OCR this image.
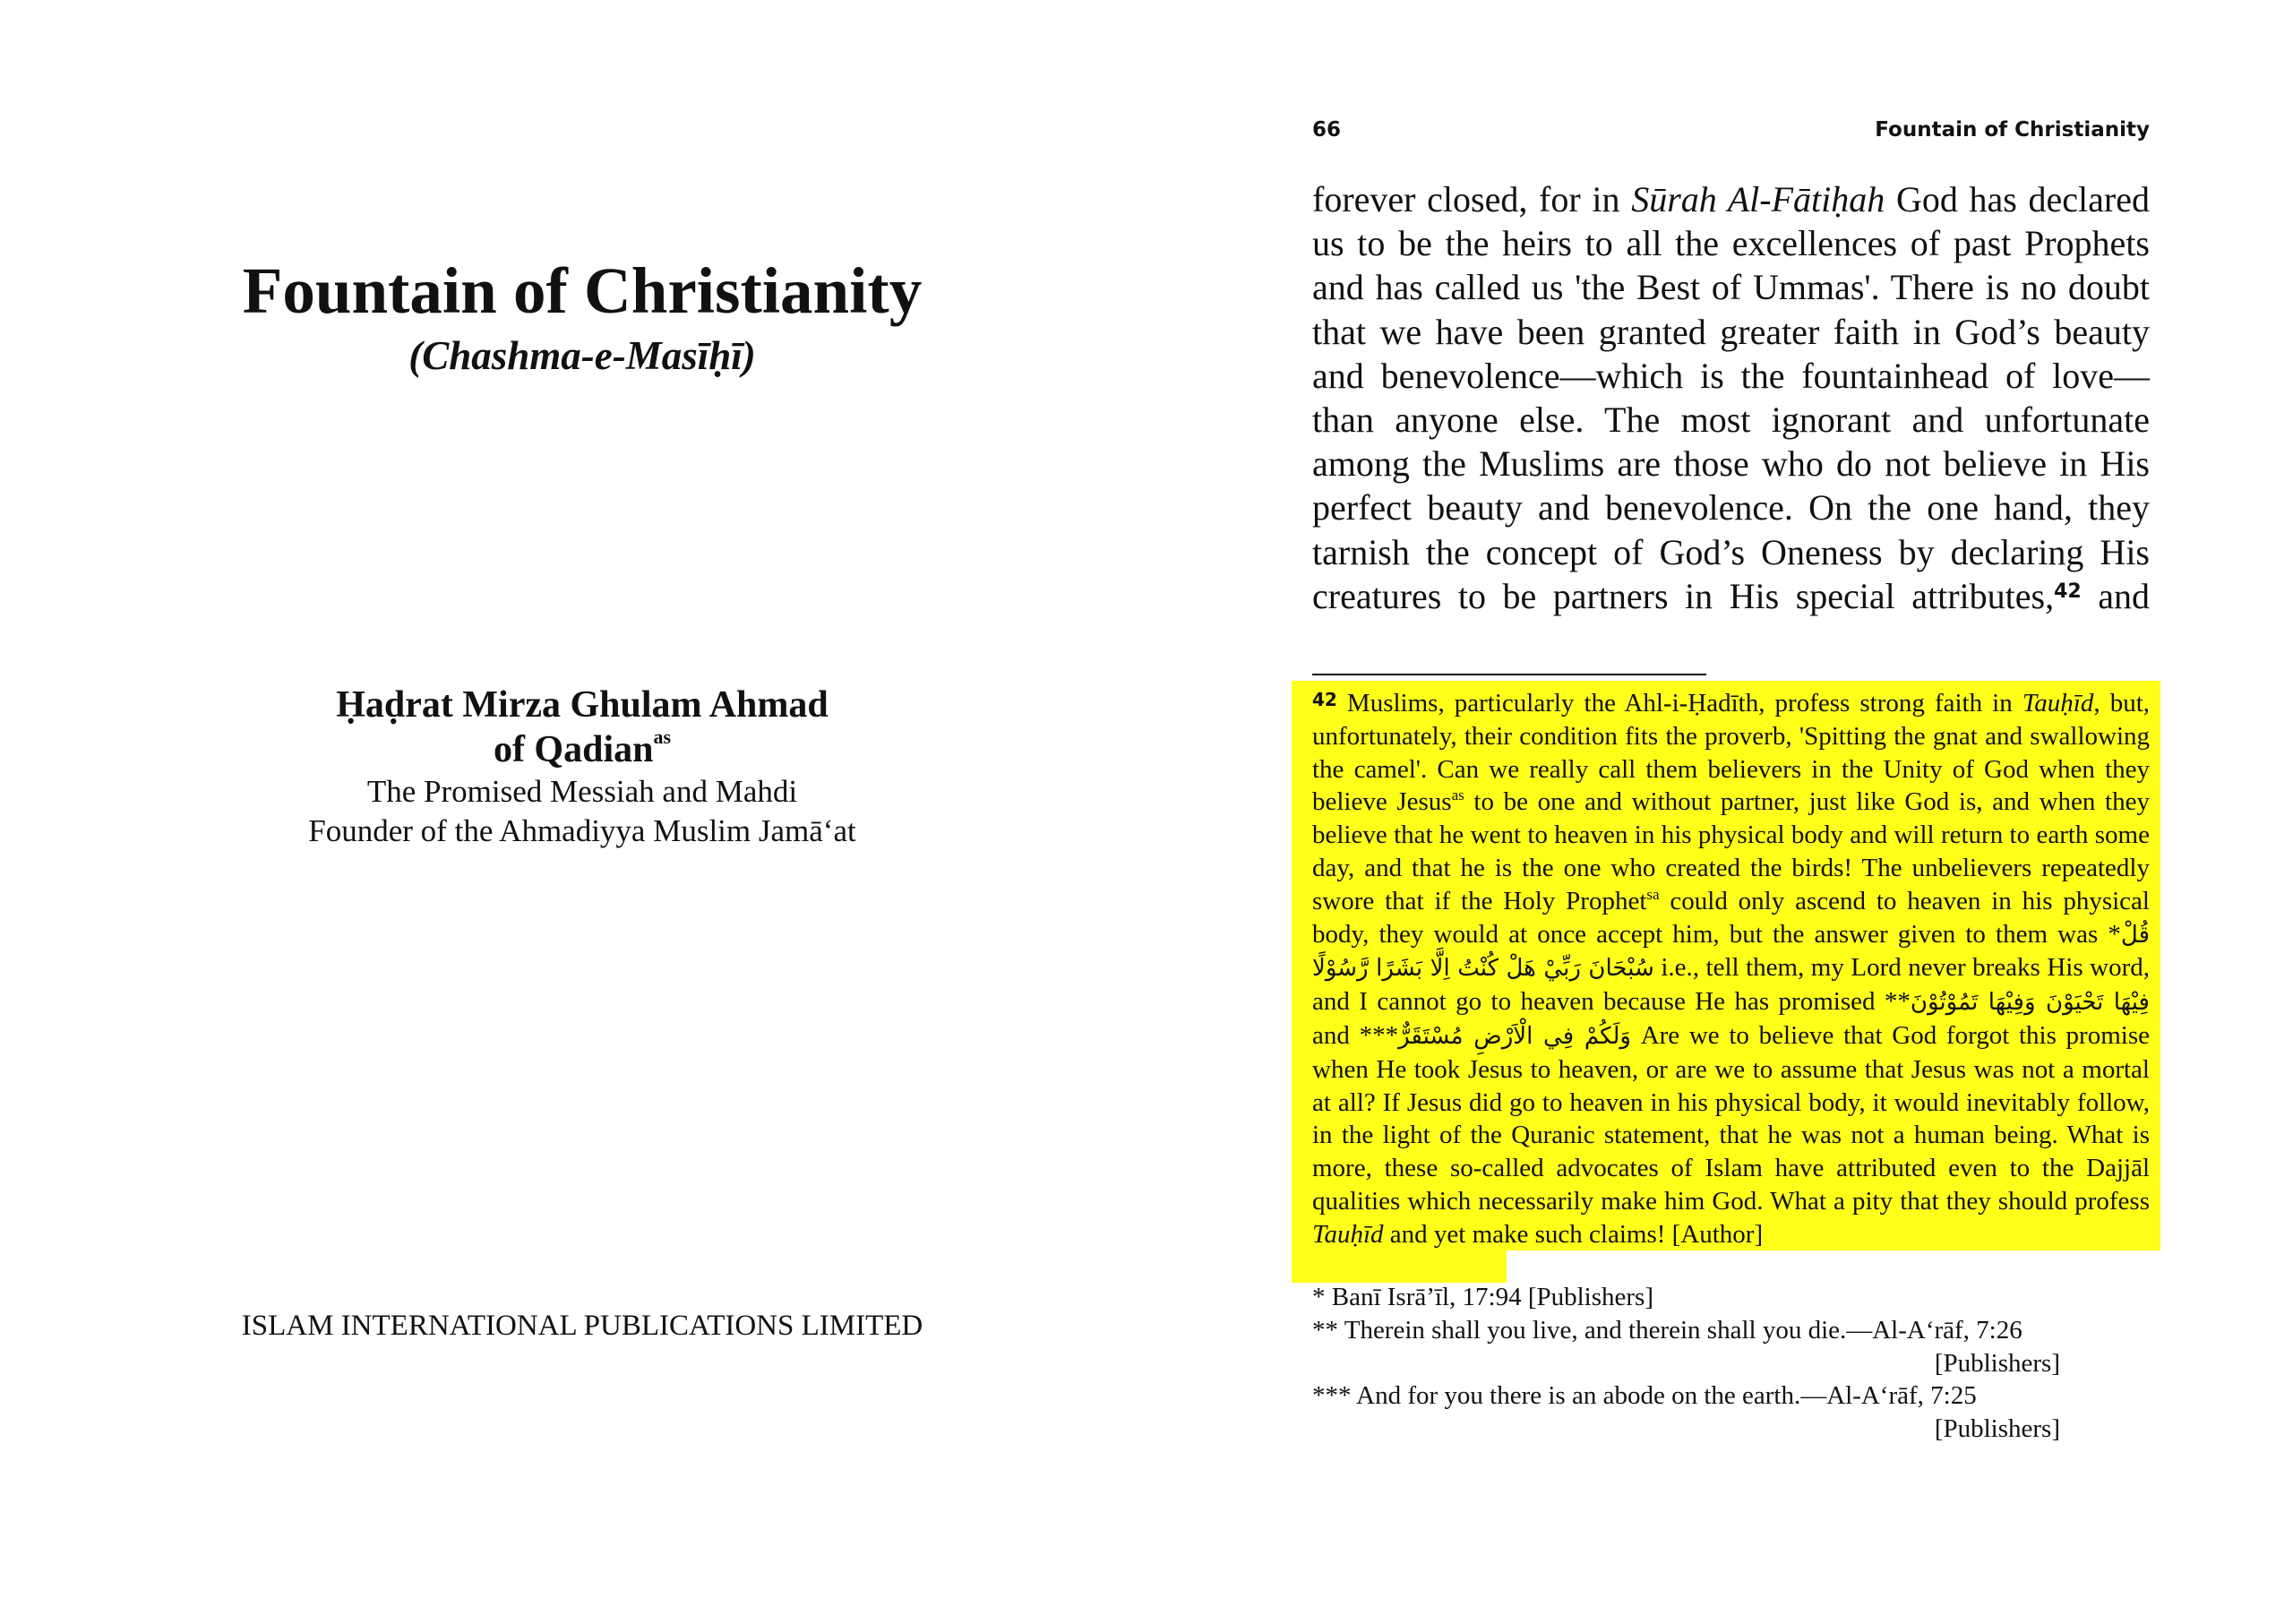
Fountain of Christianity
(Chashma-e-Masīḥī)
Ḥaḍrat Mirza Ghulam Ahmad
of Qadian$^{as}$
The Promised Messiah and Mahdi
Founder of the Ahmadiyya Muslim Jamā‘at
ISLAM INTERNATIONAL PUBLICATIONS LIMITED
66	Fountain of Christianity

forever closed, for in Sūrah Al-Fātiḥah God has declared us to be the heirs to all the excellences of past Prophets and has called us 'the Best of Ummas'. There is no doubt that we have been granted greater faith in God’s beauty and benevolence—which is the fountainhead of love—than anyone else. The most ignorant and unfortunate among the Muslims are those who do not believe in His perfect beauty and benevolence. On the one hand, they tarnish the concept of God’s Oneness by declaring His creatures to be partners in His special attributes,$^{42}$ and

$^{42}$ Muslims, particularly the Ahl-i-Ḥadīth, profess strong faith in Tauḥīd, but, unfortunately, their condition fits the proverb, 'Spitting the gnat and swallowing the camel'. Can we really call them believers in the Unity of God when they believe Jesus$^{as}$ to be one and without partner, just like God is, and when they believe that he went to heaven in his physical body and will return to earth some day, and that he is the one who created the birds! The unbelievers repeatedly swore that if the Holy Prophet$^{sa}$ could only ascend to heaven in his physical body, they would at once accept him, but the answer given to them was *قُلْ سُبْحَانَ رَبِّيْ هَلْ كُنْتُ اِلَّا بَشَرًا رَّسُوْلًا i.e., tell them, my Lord never breaks His word, and I cannot go to heaven because He has promised **فِيْهَا تَحْيَوْنَ وَفِيْهَا تَمُوْتُوْنَ and ***وَلَكُمْ فِي الْاَرْضِ مُسْتَقَرٌّ Are we to believe that God forgot this promise when He took Jesus to heaven, or are we to assume that Jesus was not a mortal at all? If Jesus did go to heaven in his physical body, it would inevitably follow, in the light of the Quranic statement, that he was not a human being. What is more, these so-called advocates of Islam have attributed even to the Dajjāl qualities which necessarily make him God. What a pity that they should profess Tauḥīd and yet make such claims! [Author]

* Banī Isrā’īl, 17:94 [Publishers]
** Therein shall you live, and therein shall you die.—Al-A‘rāf, 7:26
[Publishers]
*** And for you there is an abode on the earth.—Al-A‘rāf, 7:25
[Publishers]
